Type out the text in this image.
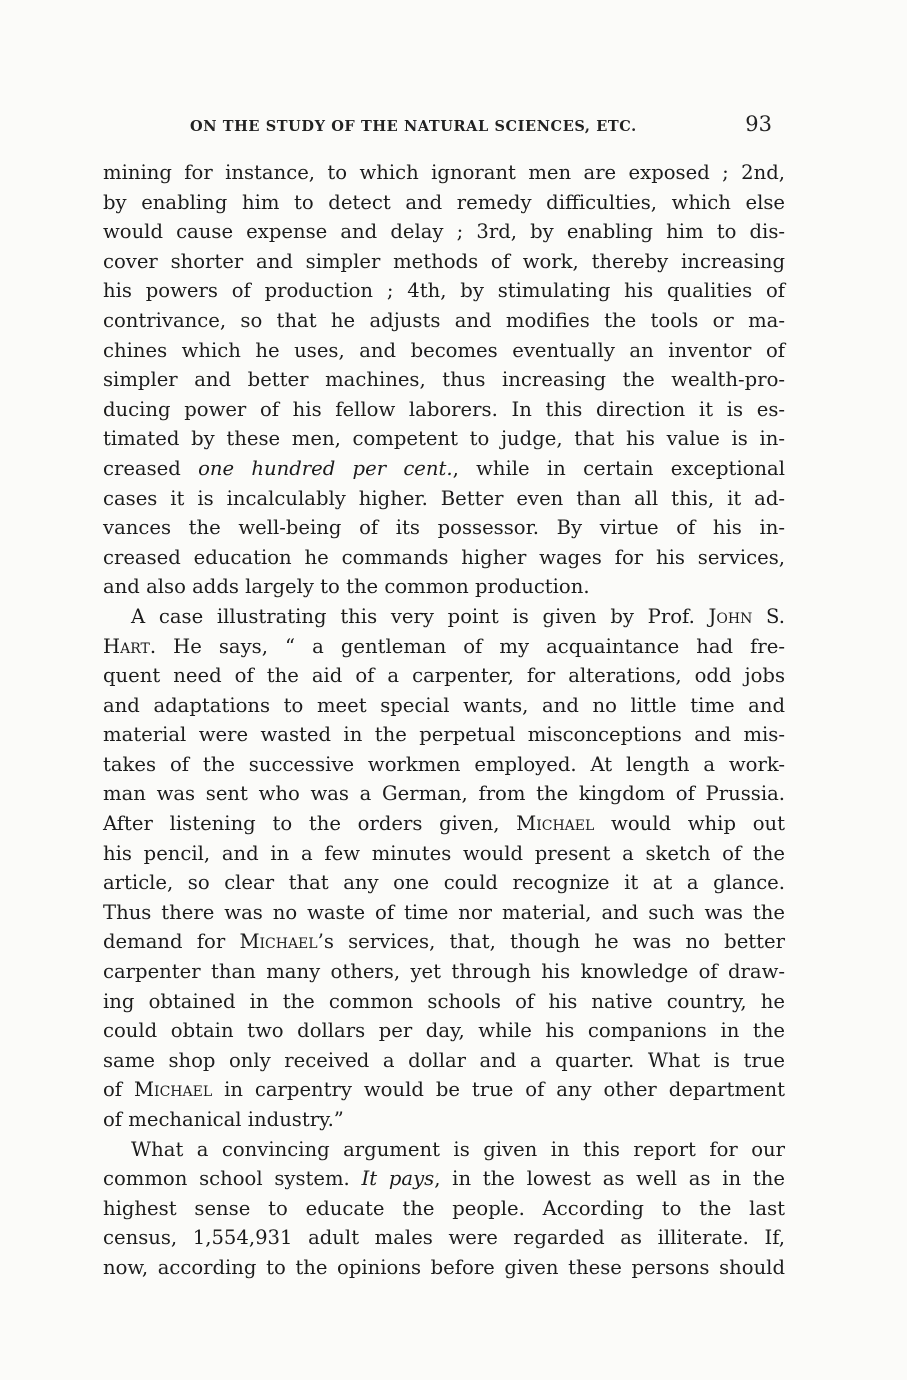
ON THE STUDY OF THE NATURAL SCIENCES, ETC.	93
mining for instance, to which ignorant men are exposed ; 2nd,
by enabling him to detect and remedy difficulties, which else
would cause expense and delay ; 3rd, by enabling him to dis-
cover shorter and simpler methods of work, thereby increasing
his powers of production ; 4th, by stimulating his qualities of
contrivance, so that he adjusts and modifies the tools or ma-
chines which he uses, and becomes eventually an inventor of
simpler and better machines, thus increasing the wealth-pro-
ducing power of his fellow laborers. In this direction it is es-
timated by these men, competent to judge, that his value is in-
creased one hundred per cent., while in certain exceptional
cases it is incalculably higher. Better even than all this, it ad-
vances the well-being of its possessor. By virtue of his in-
creased education he commands higher wages for his services,
and also adds largely to the common production.
A case illustrating this very point is given by Prof. John S.
Hart. He says, “ a gentleman of my acquaintance had fre-
quent need of the aid of a carpenter, for alterations, odd jobs
and adaptations to meet special wants, and no little time and
material were wasted in the perpetual misconceptions and mis-
takes of the successive workmen employed. At length a work-
man was sent who was a German, from the kingdom of Prussia.
After listening to the orders given, Michael would whip out
his pencil, and in a few minutes would present a sketch of the
article, so clear that any one could recognize it at a glance.
Thus there was no waste of time nor material, and such was the
demand for Michael’s services, that, though he was no better
carpenter than many others, yet through his knowledge of draw-
ing obtained in the common schools of his native country, he
could obtain two dollars per day, while his companions in the
same shop only received a dollar and a quarter. What is true
of Michael in carpentry would be true of any other department
of mechanical industry.”
What a convincing argument is given in this report for our
common school system. It pays, in the lowest as well as in the
highest sense to educate the people. According to the last
census, 1,554,931 adult males were regarded as illiterate. If,
now, according to the opinions before given these persons should
